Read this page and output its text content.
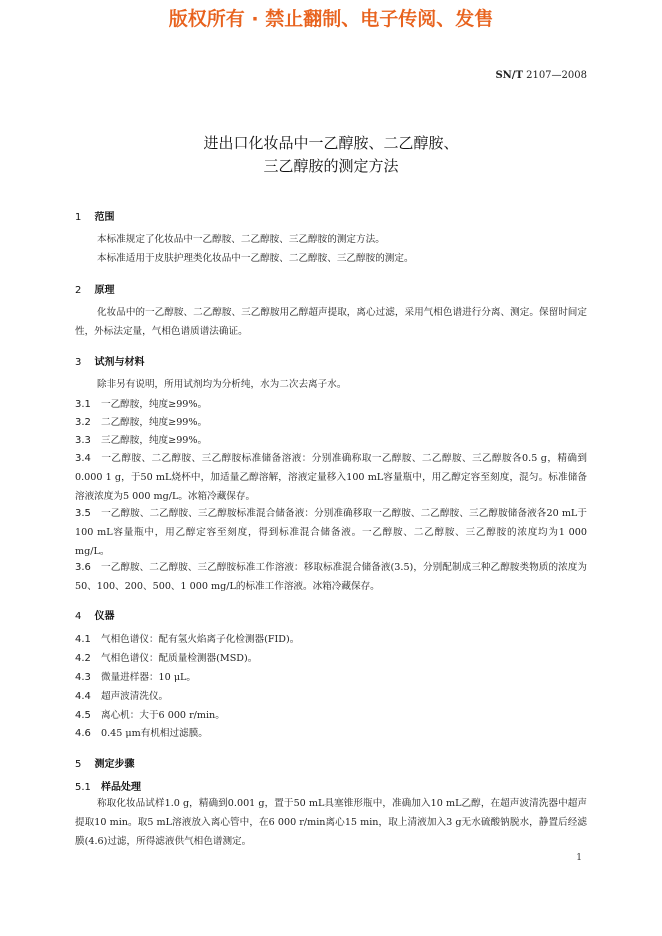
版权所有 · 禁止翻制、电子传阅、发售
SN/T 2107—2008
进出口化妆品中一乙醇胺、二乙醇胺、
三乙醇胺的测定方法
1 范围
本标准规定了化妆品中一乙醇胺、二乙醇胺、三乙醇胺的测定方法。
本标准适用于皮肤护理类化妆品中一乙醇胺、二乙醇胺、三乙醇胺的测定。
2 原理
化妆品中的一乙醇胺、二乙醇胺、三乙醇胺用乙醇超声提取，离心过滤，采用气相色谱进行分离、测定。保留时间定性，外标法定量，气相色谱质谱法确证。
3 试剂与材料
除非另有说明，所用试剂均为分析纯，水为二次去离子水。
3.1 一乙醇胺，纯度≥99%。
3.2 二乙醇胺，纯度≥99%。
3.3 三乙醇胺，纯度≥99%。
3.4 一乙醇胺、二乙醇胺、三乙醇胺标准储备溶液：分别准确称取一乙醇胺、二乙醇胺、三乙醇胺各0.5 g，精确到0.000 1 g，于50 mL烧杯中，加适量乙醇溶解，溶液定量移入100 mL容量瓶中，用乙醇定容至刻度，混匀。标准储备溶液浓度为5 000 mg/L。冰箱冷藏保存。
3.5 一乙醇胺、二乙醇胺、三乙醇胺标准混合储备液：分别准确移取一乙醇胺、二乙醇胺、三乙醇胺储备液各20 mL于100 mL容量瓶中，用乙醇定容至刻度，得到标准混合储备液。一乙醇胺、二乙醇胺、三乙醇胺的浓度均为1 000 mg/L。
3.6 一乙醇胺、二乙醇胺、三乙醇胺标准工作溶液：移取标准混合储备液(3.5)，分别配制成三种乙醇胺类物质的浓度为50、100、200、500、1 000 mg/L的标准工作溶液。冰箱冷藏保存。
4 仪器
4.1 气相色谱仪：配有氢火焰离子化检测器(FID)。
4.2 气相色谱仪：配质量检测器(MSD)。
4.3 微量进样器：10 μL。
4.4 超声波清洗仪。
4.5 离心机：大于6 000 r/min。
4.6 0.45 μm有机相过滤膜。
5 测定步骤
5.1 样品处理
称取化妆品试样1.0 g，精确到0.001 g，置于50 mL具塞锥形瓶中，准确加入10 mL乙醇，在超声波清洗器中超声提取10 min。取5 mL溶液放入离心管中，在6 000 r/min离心15 min，取上清液加入3 g无水硫酸钠脱水，静置后经滤膜(4.6)过滤，所得滤液供气相色谱测定。
1
